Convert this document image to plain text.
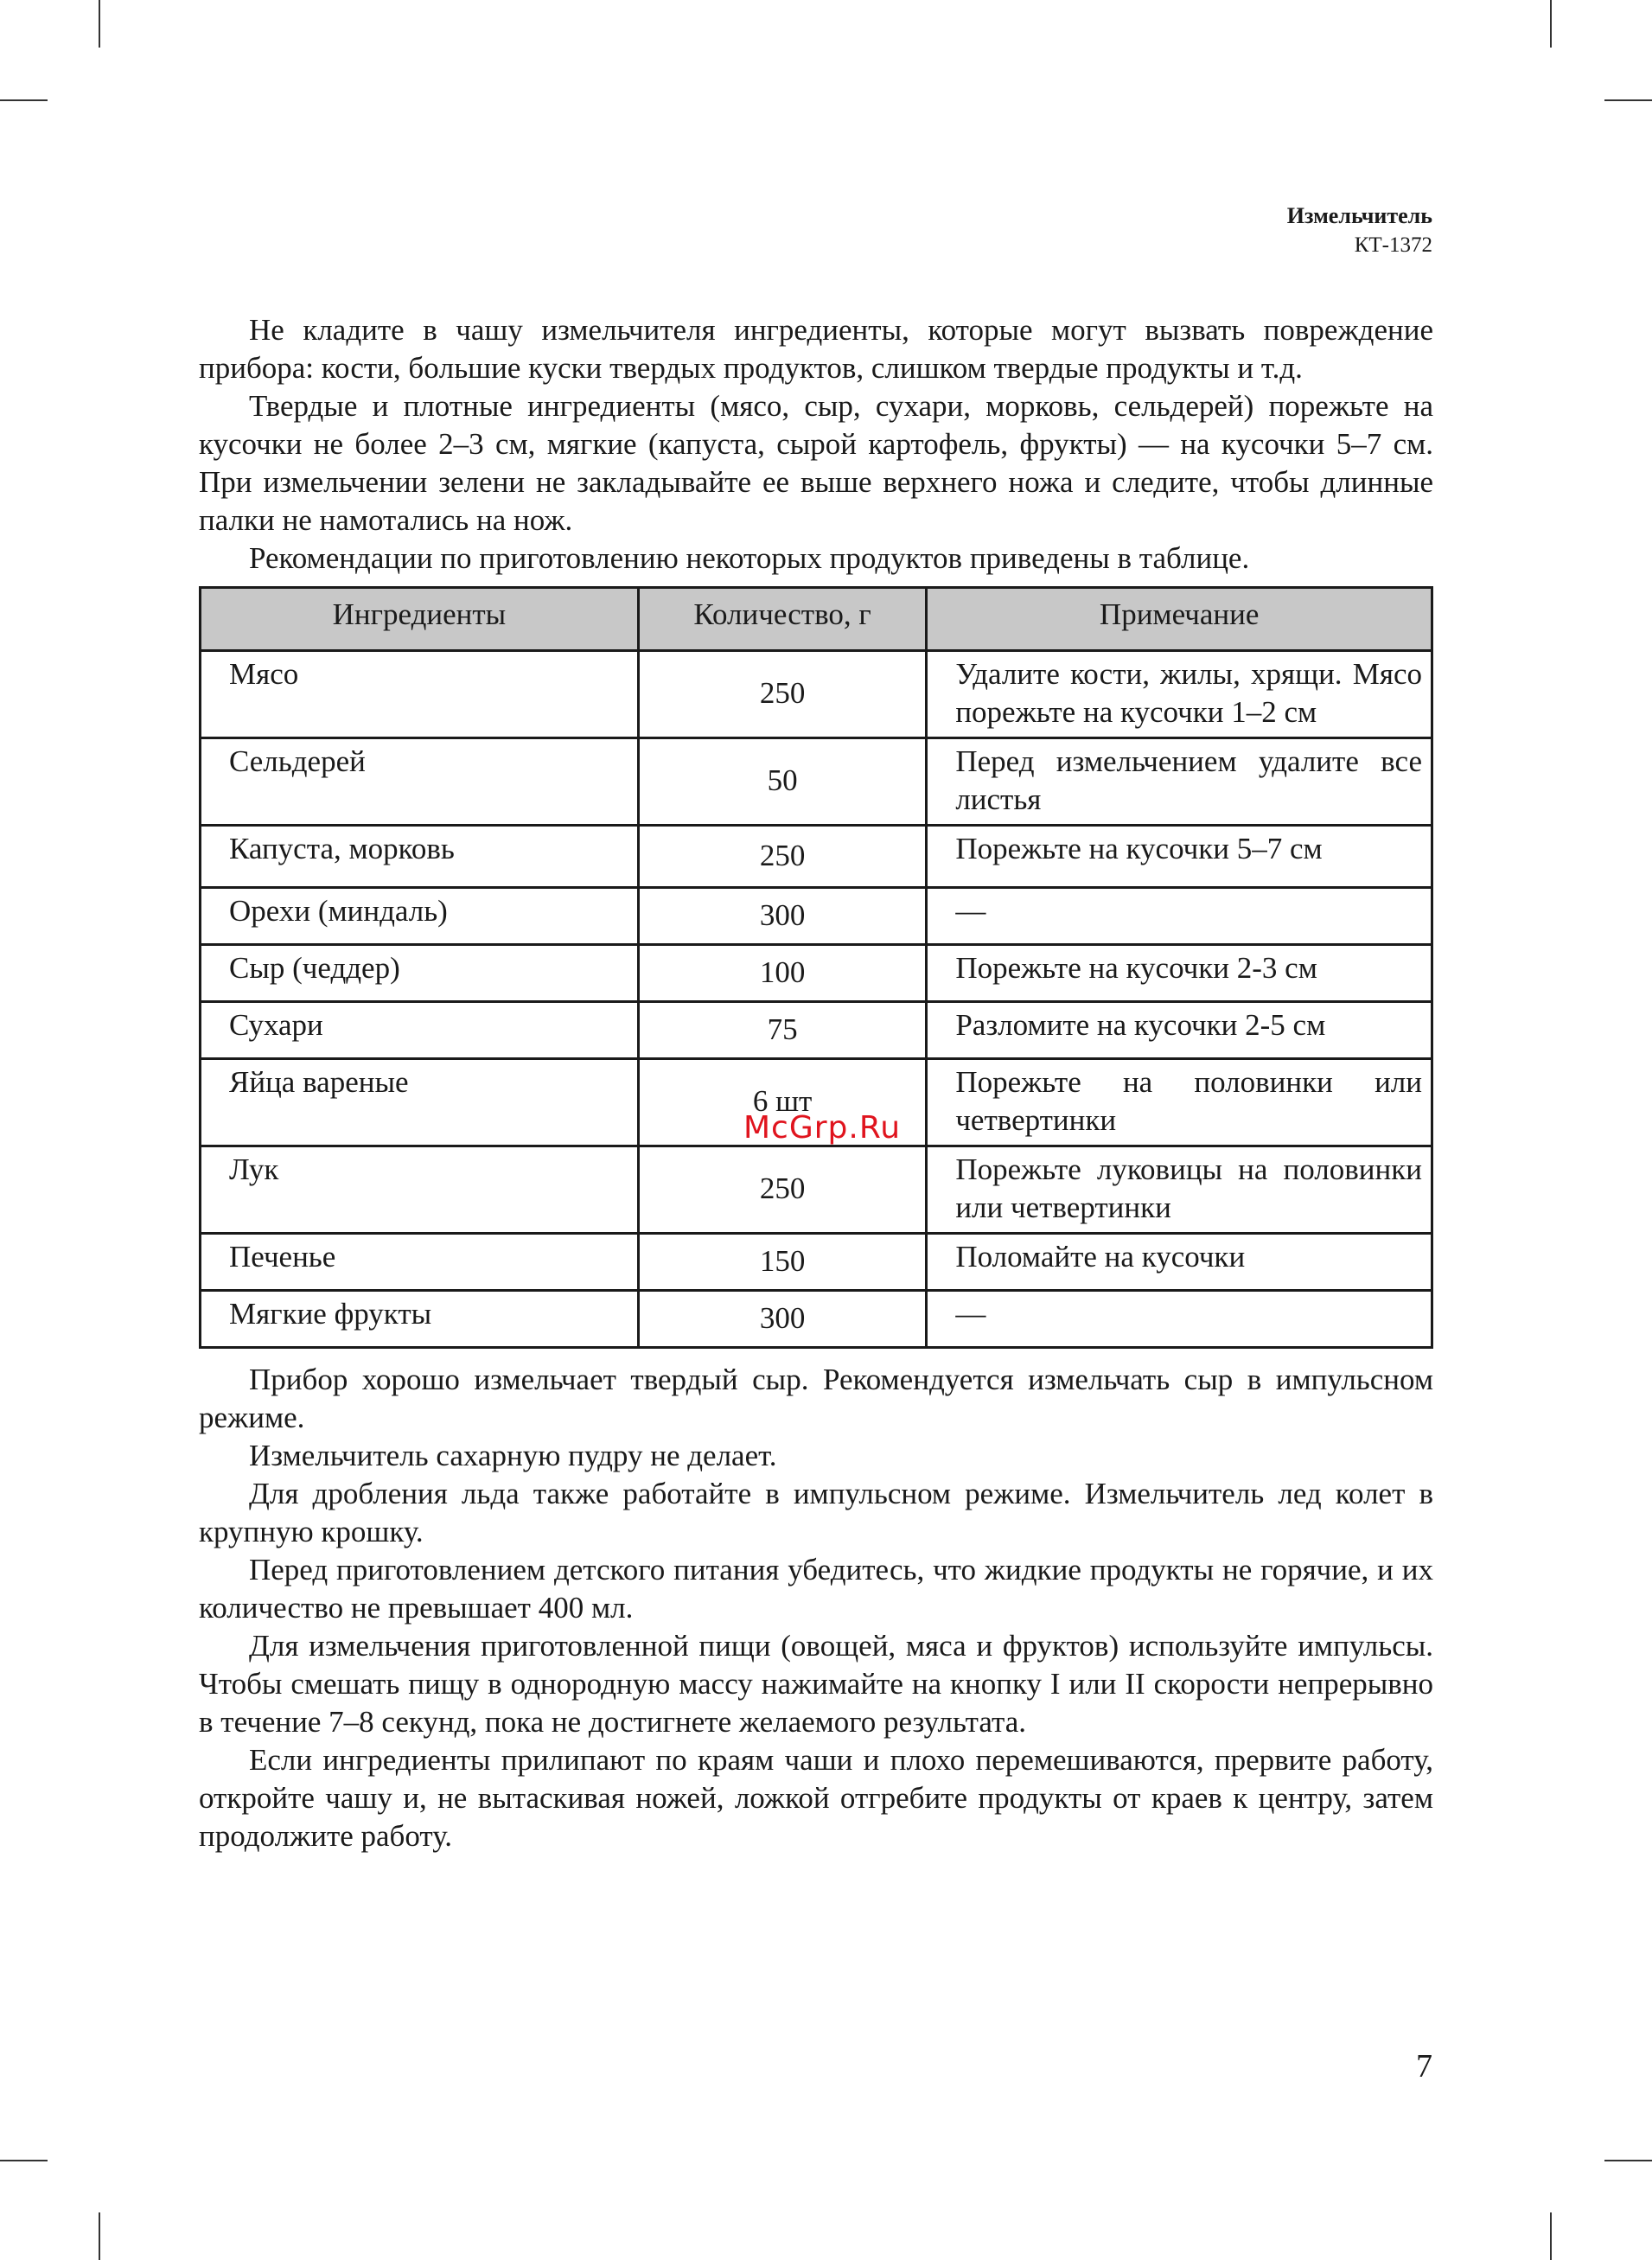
Измельчитель
КТ-1372

Не кладите в чашу измельчителя ингредиенты, которые могут вызвать повреждение прибора: кости, бoльшие куски твердых продуктов, слишком твердые продукты и т.д.

Твердые и плотные ингредиенты (мясо, сыр, сухари, морковь, сельдерей) порежьте на кусочки не более 2–3 см, мягкие (капуста, сырой картофель, фрукты) — на кусочки 5–7 см. При измельчении зелени не закладывайте ее выше верхнего ножа и следите, чтобы длинные палки не намотались на нож.

Рекомендации по приготовлению некоторых продуктов приведены в таблице.

Ингредиенты	Количество, г	Примечание
Мясо	250	Удалите кости, жилы, хрящи. Мясо порежьте на кусочки 1–2 см
Сельдерей	50	Перед измельчением удалите все листья
Капуста, морковь	250	Порежьте на кусочки 5–7 см
Орехи (миндаль)	300	—
Сыр (чеддер)	100	Порежьте на кусочки 2-3 см
Сухари	75	Разломите на кусочки 2-5 см
Яйца вареные	6 шт	Порежьте на половинки или четвертинки
Лук	250	Порежьте луковицы на половинки или четвертинки
Печенье	150	Поломайте на кусочки
Мягкие фрукты	300	—

Прибор хорошо измельчает твердый сыр. Рекомендуется измельчать сыр в импульсном режиме.

Измельчитель сахарную пудру не делает.

Для дробления льда также работайте в импульсном режиме. Измельчитель лед колет в крупную крошку.

Перед приготовлением детского питания убедитесь, что жидкие продукты не горячие, и их количество не превышает 400 мл.

Для измельчения приготовленной пищи (овощей, мяса и фруктов) используйте импульсы. Чтобы смешать пищу в однородную массу нажимайте на кнопку I или II скорости непрерывно в течение 7–8 секунд, пока не достигнете желаемого результата.

Если ингредиенты прилипают по краям чаши и плохо перемешиваются, прервите работу, откройте чашу и, не вытаскивая ножей, ложкой отгребите продукты от краев к центру, затем продолжите работу.

McGrp.Ru
7
